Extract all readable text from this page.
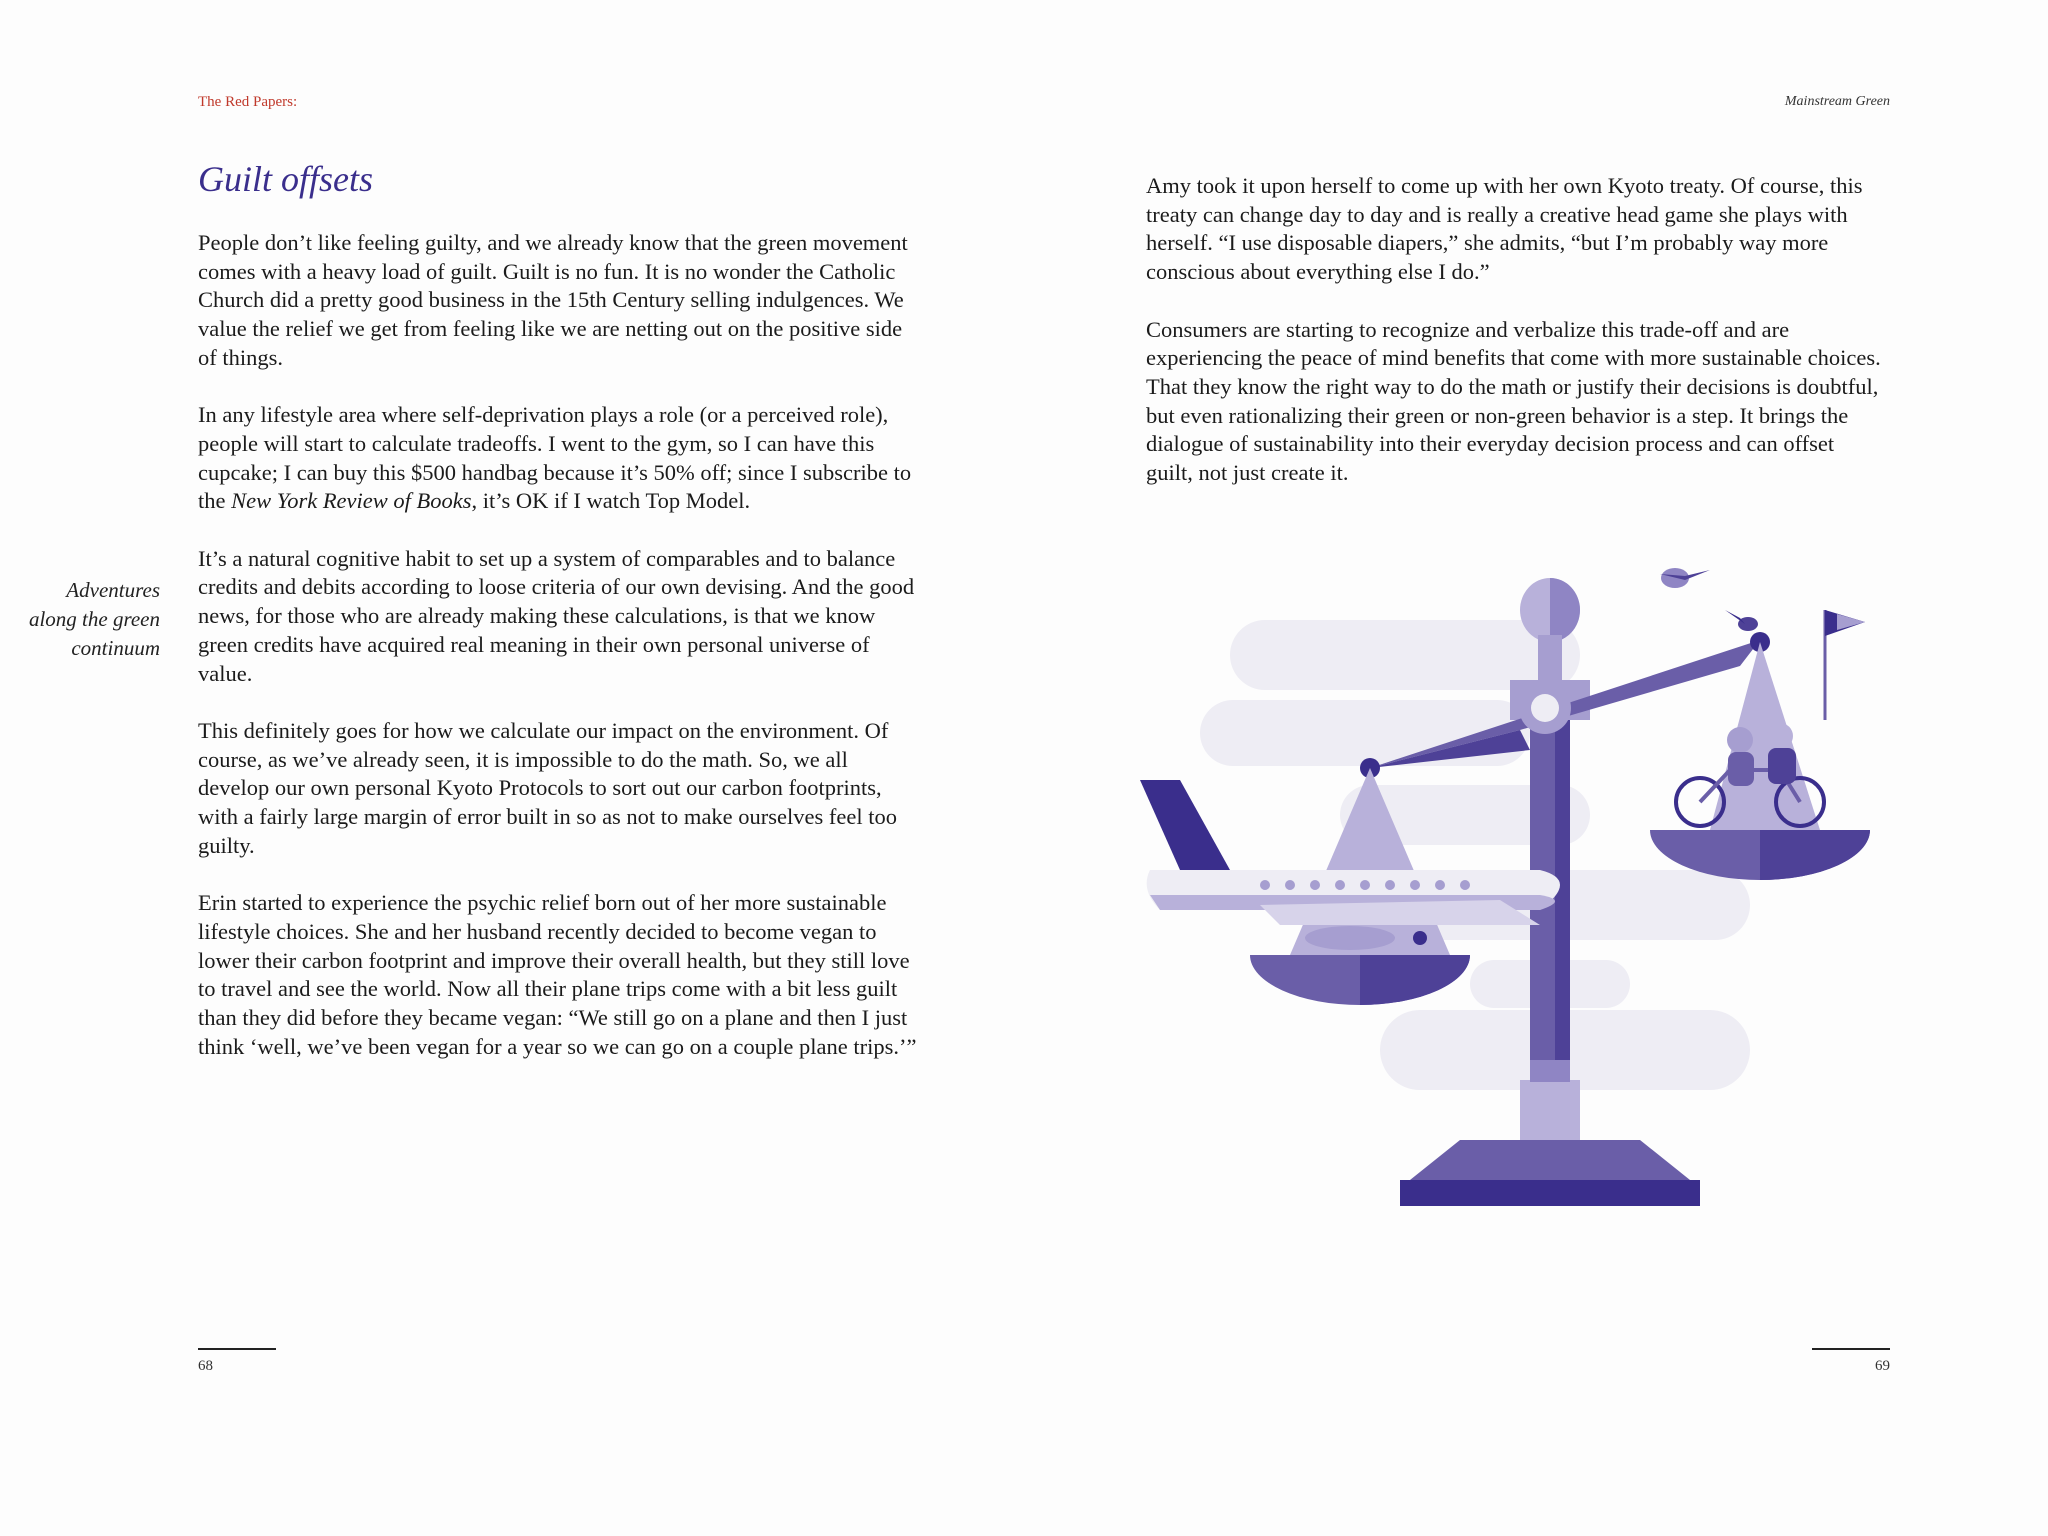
The Red Papers:
Guilt offsets
Adventures
along the green
continuum

People don’t like feeling guilty, and we already know that the green movement comes with a heavy load of guilt. Guilt is no fun. It is no wonder the Catholic Church did a pretty good business in the 15th Century selling indulgences. We value the relief we get from feeling like we are netting out on the positive side of things.

In any lifestyle area where self-deprivation plays a role (or a perceived role), people will start to calculate tradeoffs. I went to the gym, so I can have this cupcake; I can buy this $500 handbag because it’s 50% off; since I subscribe to the New York Review of Books, it’s OK if I watch Top Model.

It’s a natural cognitive habit to set up a system of comparables and to balance credits and debits according to loose criteria of our own devising. And the good news, for those who are already making these calculations, is that we know green credits have acquired real meaning in their own personal universe of value.

This definitely goes for how we calculate our impact on the environment. Of course, as we’ve already seen, it is impossible to do the math. So, we all develop our own personal Kyoto Protocols to sort out our carbon footprints, with a fairly large margin of error built in so as not to make ourselves feel too guilty.

Erin started to experience the psychic relief born out of her more sustainable lifestyle choices. She and her husband recently decided to become vegan to lower their carbon footprint and improve their overall health, but they still love to travel and see the world. Now all their plane trips come with a bit less guilt than they did before they became vegan: “We still go on a plane and then I just think ‘well, we’ve been vegan for a year so we can go on a couple plane trips.’”

68
Mainstream Green
69

Amy took it upon herself to come up with her own Kyoto treaty. Of course, this treaty can change day to day and is really a creative head game she plays with herself. “I use disposable diapers,” she admits, “but I’m probably way more conscious about everything else I do.”

Consumers are starting to recognize and verbalize this trade-off and are experiencing the peace of mind benefits that come with more sustainable choices. That they know the right way to do the math or justify their decisions is doubtful, but even rationalizing their green or non-green behavior is a step. It brings the dialogue of sustainability into their everyday decision process and can offset guilt, not just create it.
